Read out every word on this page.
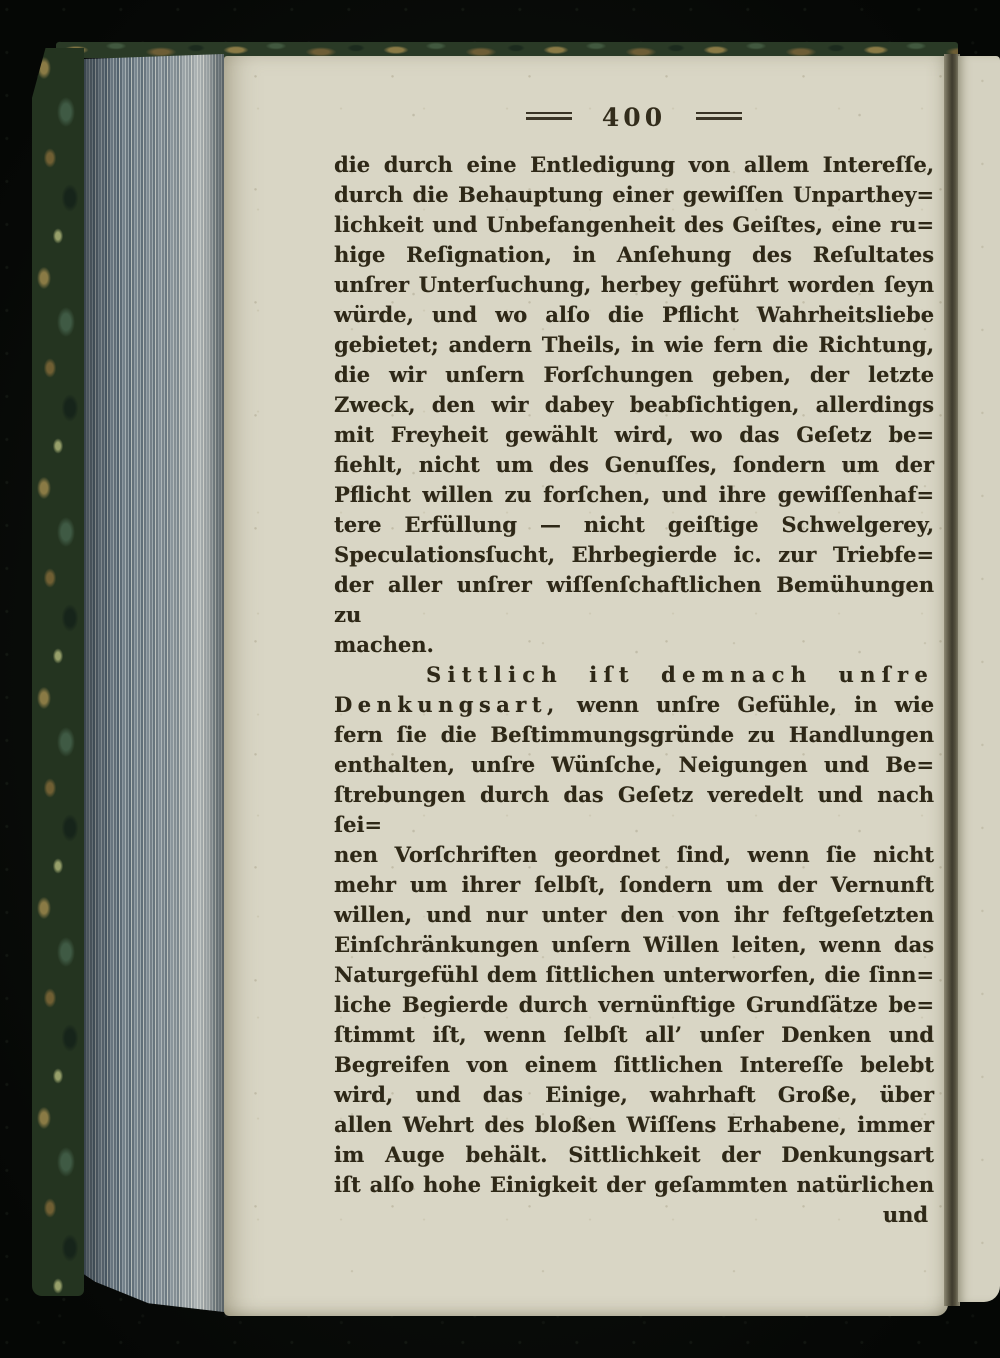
400
die durch eine Entledigung von allem Intereſſe,
durch die Behauptung einer gewiſſen Unparthey=
lichkeit und Unbefangenheit des Geiſtes, eine ru=
hige Reſignation, in Anſehung des Reſultates
unſrer Unterſuchung, herbey geführt worden ſeyn
würde, und wo alſo die Pflicht Wahrheitsliebe
gebietet; andern Theils, in wie fern die Richtung,
die wir unſern Forſchungen geben, der letzte
Zweck, den wir dabey beabſichtigen, allerdings
mit Freyheit gewählt wird, wo das Geſetz be=
fiehlt, nicht um des Genuſſes, ſondern um der
Pflicht willen zu forſchen, und ihre gewiſſenhaf=
tere Erfüllung — nicht geiſtige Schwelgerey,
Speculationsſucht, Ehrbegierde ic. zur Triebfe=
der aller unſrer wiſſenſchaftlichen Bemühungen zu
machen.
Sittlich iſt demnach unſre
Denkungsart, wenn unſre Gefühle, in wie
fern ſie die Beſtimmungsgründe zu Handlungen
enthalten, unſre Wünſche, Neigungen und Be=
ſtrebungen durch das Geſetz veredelt und nach ſei=
nen Vorſchriften geordnet ſind, wenn ſie nicht
mehr um ihrer ſelbſt, ſondern um der Vernunft
willen, und nur unter den von ihr feſtgeſetzten
Einſchränkungen unſern Willen leiten, wenn das
Naturgefühl dem ſittlichen unterworfen, die ſinn=
liche Begierde durch vernünftige Grundſätze be=
ſtimmt iſt, wenn ſelbſt all’ unſer Denken und
Begreifen von einem ſittlichen Intereſſe belebt
wird, und das Einige, wahrhaft Große, über
allen Wehrt des bloßen Wiſſens Erhabene, immer
im Auge behält. Sittlichkeit der Denkungsart
iſt alſo hohe Einigkeit der geſammten natürlichen
und
